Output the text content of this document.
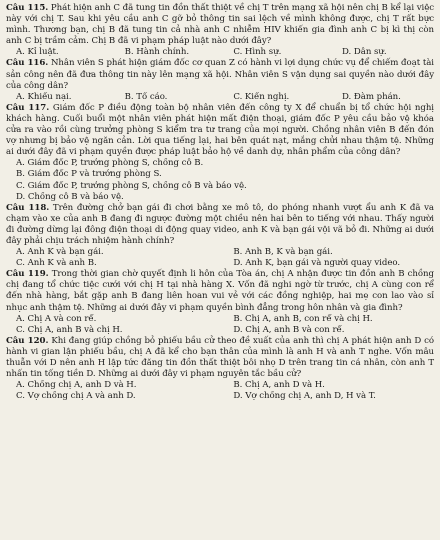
Câu 115. Phát hiện anh C đã tung tin đồn thất thiệt về chị T trên mạng xã hội nên chị B kể lại việc này với chị T. Sau khi yêu cầu anh C gỡ bỏ thông tin sai lệch về mình không được, chị T rất bực mình. Thương bạn, chị B đã tung tin cả nhà anh C nhiễm HIV khiến gia đình anh C bị kì thị còn anh C bị trầm cảm. Chị B đã vi phạm pháp luật nào dưới đây?

A. Kỉ luật.	B. Hành chính.	C. Hình sự.	D. Dân sự.

Câu 116. Nhân viên S phát hiện giám đốc cơ quan Z có hành vi lợi dụng chức vụ để chiếm đoạt tài sản công nên đã đưa thông tin này lên mạng xã hội. Nhân viên S vận dụng sai quyền nào dưới đây của công dân?

A. Khiếu nại.	B. Tố cáo.	C. Kiến nghị.	D. Đàm phán.

Câu 117. Giám đốc P điều động toàn bộ nhân viên đến công ty X để chuẩn bị tổ chức hội nghị khách hàng. Cuối buổi một nhân viên phát hiện mất điện thoại, giám đốc P yêu cầu bảo vệ khóa cửa ra vào rồi cùng trưởng phòng S kiểm tra tư trang của mọi người. Chồng nhân viên B đến đón vợ nhưng bị bảo vệ ngăn cản. Lời qua tiếng lại, hai bên quát nạt, mắng chửi nhau thậm tệ. Những ai dưới đây đã vi phạm quyền được pháp luật bảo hộ về danh dự, nhân phẩm của công dân?

A. Giám đốc P, trưởng phòng S, chồng cô B.
B. Giám đốc P và trưởng phòng S.
C. Giám đốc P, trưởng phòng S, chồng cô B và bảo vệ.
D. Chồng cô B và bảo vệ.

Câu 118. Trên đường chở bạn gái đi chơi bằng xe mô tô, do phóng nhanh vượt ẩu anh K đã va chạm vào xe của anh B đang đi ngược đường một chiều nên hai bên to tiếng với nhau. Thấy người đi đường dừng lại đông điện thoại di động quay video, anh K và bạn gái vội vã bỏ đi. Những ai dưới đây phải chịu trách nhiệm hành chính?

A. Anh K và bạn gái.	B. Anh B, K và bạn gái.
C. Anh K và anh B.	D. Anh K, bạn gái và người quay video.

Câu 119. Trong thời gian chờ quyết định li hôn của Tòa án, chị A nhận được tin đồn anh B chồng chị đang tổ chức tiệc cưới với chị H tại nhà hàng X. Vốn đã nghi ngờ từ trước, chị A cùng con rể đến nhà hàng, bắt gặp anh B đang liên hoan vui vẻ với các đồng nghiệp, hai mẹ con lao vào sỉ nhục anh thậm tệ. Những ai dưới đây vi phạm quyền bình đẳng trong hôn nhân và gia đình?

A. Chị A và con rể.	B. Chị A, anh B, con rể và chị H.
C. Chị A, anh B và chị H.	D. Chị A, anh B và con rể.

Câu 120. Khi đang giúp chồng bỏ phiếu bầu cử theo đề xuất của anh thì chị A phát hiện anh D có hành vi gian lận phiếu bầu, chị A đã kể cho bạn thân của mình là anh H và anh T nghe. Vốn mâu thuẫn với D nên anh H lập tức đăng tin đồn thất thiệt bôi nhọ D trên trang tin cá nhân, còn anh T nhấn tin tống tiền D. Những ai dưới đây vi phạm nguyên tắc bầu cử?

A. Chồng chị A, anh D và H.	B. Chị A, anh D và H.
C. Vợ chồng chị A và anh D.	D. Vợ chồng chị A, anh D, H và T.
